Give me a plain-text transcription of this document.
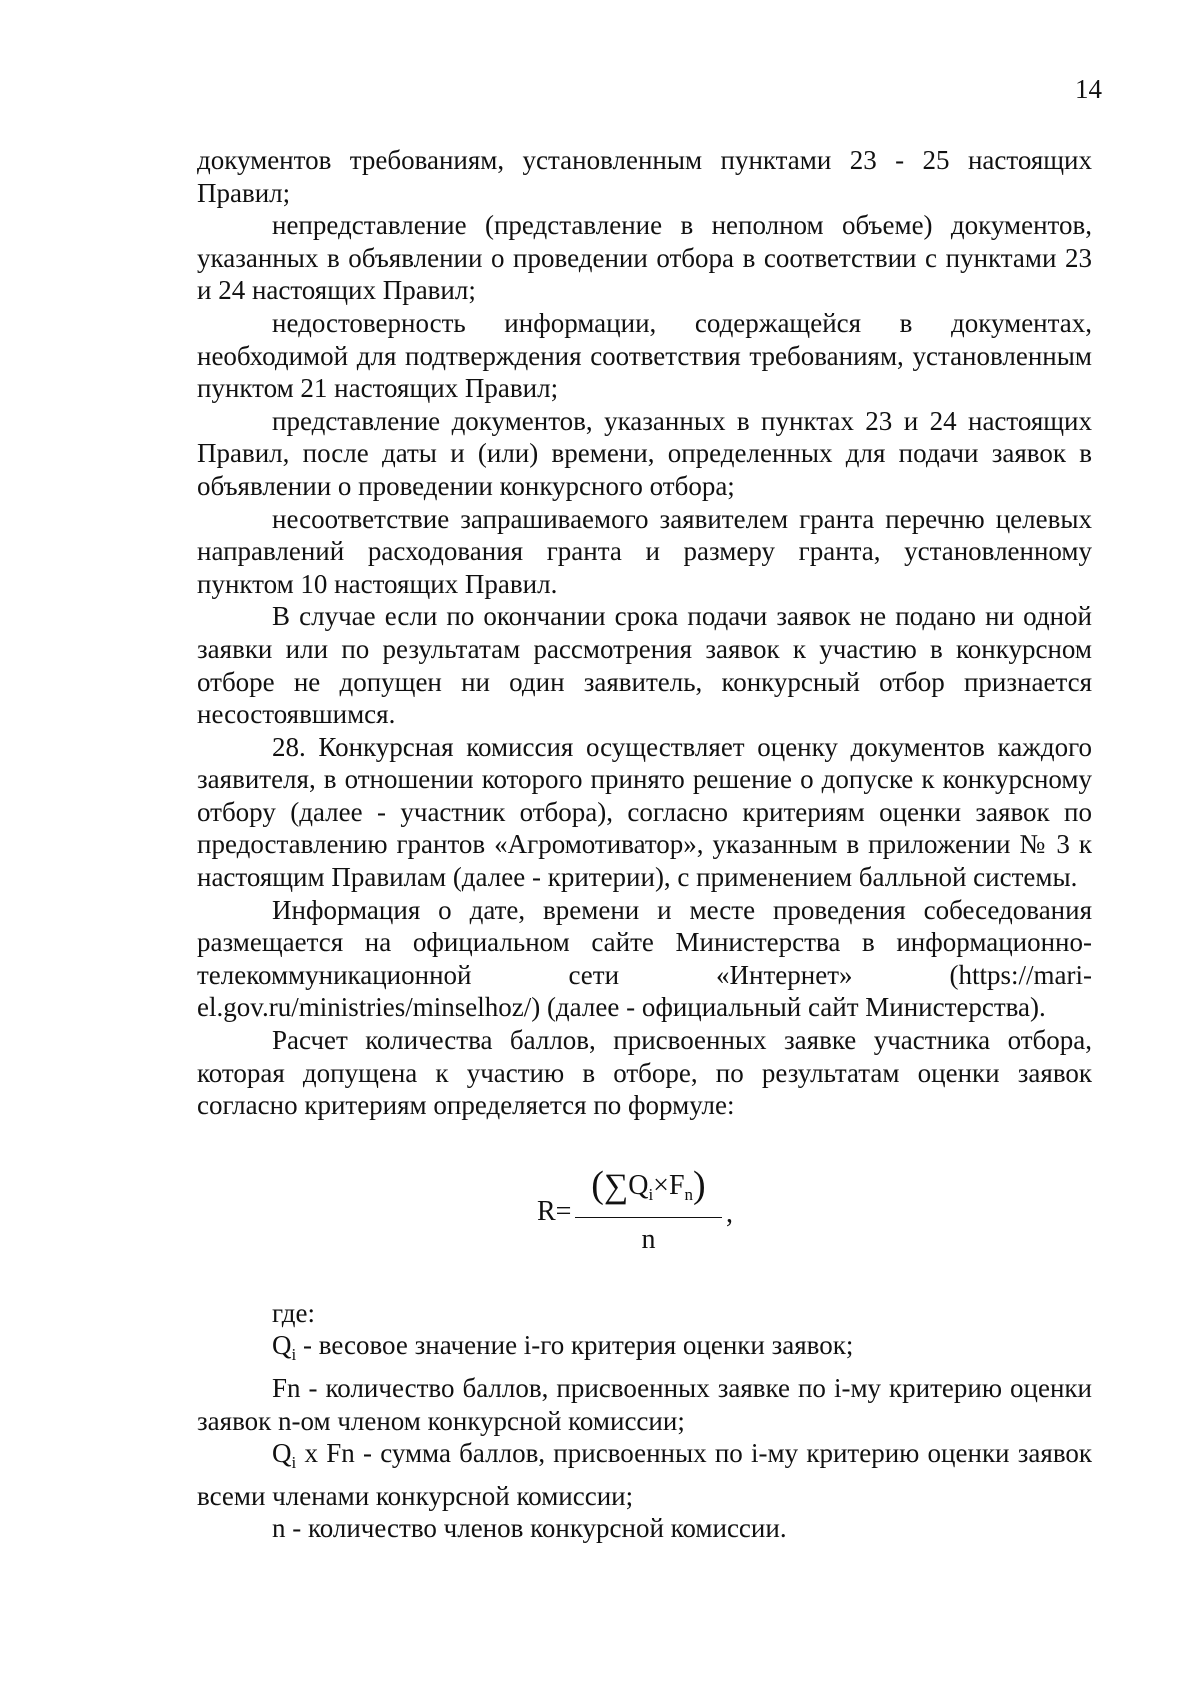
14

документов требованиям, установленным пунктами 23 - 25 настоящих Правил;

непредставление (представление в неполном объеме) документов, указанных в объявлении о проведении отбора в соответствии с пунктами 23 и 24 настоящих Правил;

недостоверность информации, содержащейся в документах, необходимой для подтверждения соответствия требованиям, установленным пунктом 21 настоящих Правил;

представление документов, указанных в пунктах 23 и 24 настоящих Правил, после даты и (или) времени, определенных для подачи заявок в объявлении о проведении конкурсного отбора;

несоответствие запрашиваемого заявителем гранта перечню целевых направлений расходования гранта и размеру гранта, установленному пунктом 10 настоящих Правил.

В случае если по окончании срока подачи заявок не подано ни одной заявки или по результатам рассмотрения заявок к участию в конкурсном отборе не допущен ни один заявитель, конкурсный отбор признается несостоявшимся.

28. Конкурсная комиссия осуществляет оценку документов каждого заявителя, в отношении которого принято решение о допуске к конкурсному отбору (далее - участник отбора), согласно критериям оценки заявок по предоставлению грантов «Агромотиватор», указанным в приложении № 3 к настоящим Правилам (далее - критерии), с применением балльной системы.

Информация о дате, времени и месте проведения собеседования размещается на официальном сайте Министерства в информационно-телекоммуникационной сети «Интернет» (https://mari-el.gov.ru/ministries/minselhoz/) (далее - официальный сайт Министерства).

Расчет количества баллов, присвоенных заявке участника отбора, которая допущена к участию в отборе, по результатам оценки заявок согласно критериям определяется по формуле:

R=
$(\sum Q_i\times F_n)$
n
,

где:

$Q_i$ - весовое значение i-го критерия оценки заявок;

Fn - количество баллов, присвоенных заявке по i-му критерию оценки заявок n-ом членом конкурсной комиссии;

$Q_i$ x Fn - сумма баллов, присвоенных по i-му критерию оценки заявок всеми членами конкурсной комиссии;

n - количество членов конкурсной комиссии.
